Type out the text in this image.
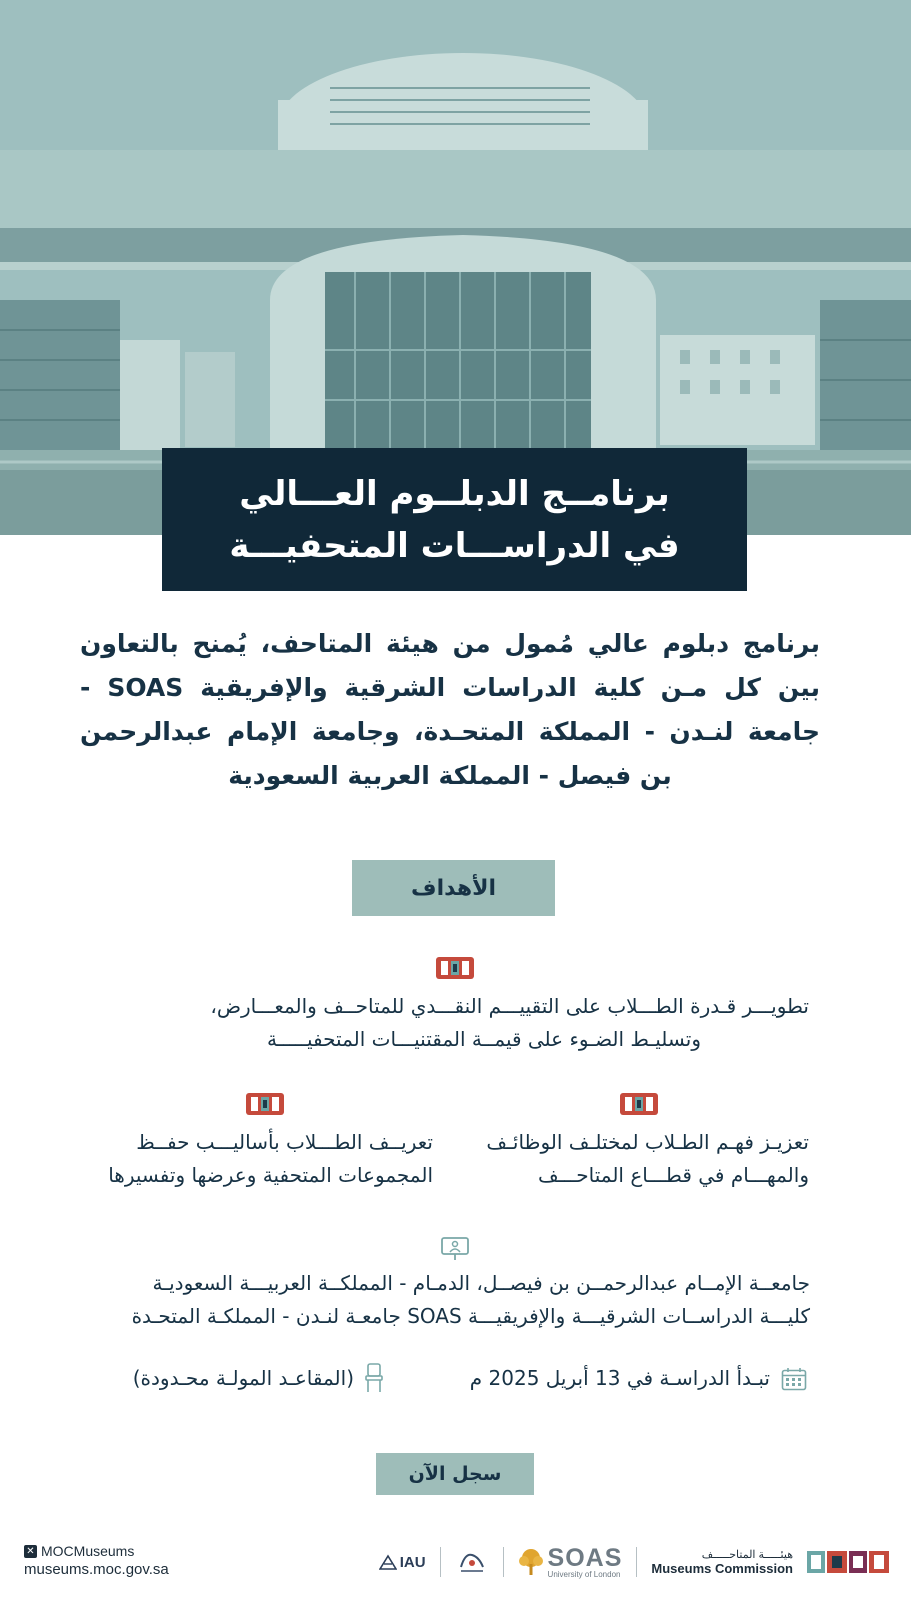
برنامــج الدبلــوم العـــالي
في الدراســـات المتحفيـــة
برنامج دبلوم عالي مُمول من هيئة المتاحف، يُمنح بالتعاون بين كل مـن كلية الدراسات الشرقية والإفريقية SOAS - جامعة لنـدن - المملكة المتحـدة، وجامعة الإمام عبدالرحمن بن فيصل - المملكة العربية السعودية
الأهداف
تطويـــر قـدرة الطـــلاب على التقييـــم النقـــدي للمتاحــف والمعـــارض،
وتسليـط الضـوء على قيمــة المقتنيـــات المتحفيـــــة
تعزيـز فهـم الطـلاب لمختلـف الوظائـف
والمهـــام في قطـــاع المتاحـــف
تعريــف الطـــلاب بأساليـــب حفــظ
المجموعات المتحفية وعرضها وتفسيرها
جامعــة الإمــام عبدالرحمــن بن فيصــل، الدمـام - المملكــة العربيـــة السعوديـة
كليـــة الدراســات الشرقيـــة والإفريقيـــة SOAS جامعـة لنـدن - المملكـة المتحـدة
تبـدأ الدراسـة في 13 أبريل 2025 م
(المقاعـد المولـة محـدودة)
سجل الآن
✕ MOCMuseums
museums.moc.gov.sa	IAU	SOAS
University of London
هيئـــــة المتاحـــــف
Museums Commission
